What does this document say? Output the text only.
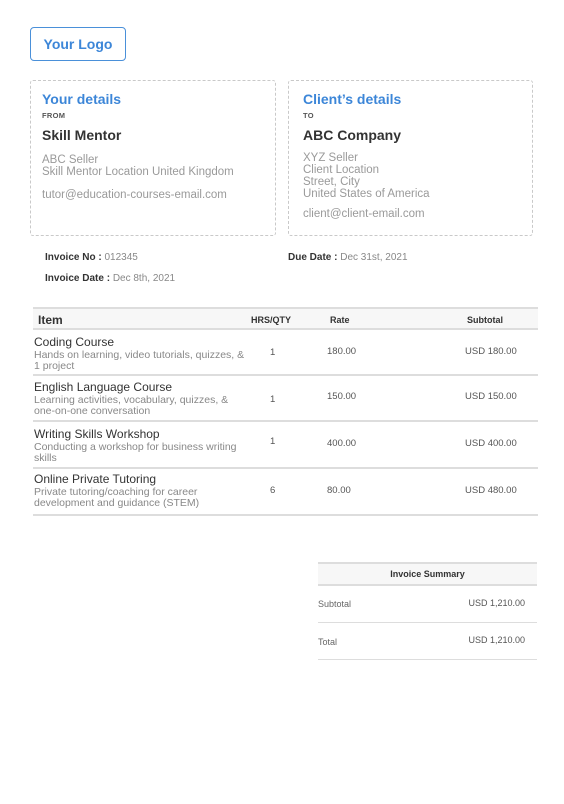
Your Logo
Your details
FROM
Skill Mentor
ABC Seller
Skill Mentor Location United Kingdom
tutor@education-courses-email.com
Client’s details
TO
ABC Company
XYZ Seller
Client Location
Street, City
United States of America
client@client-email.com
Invoice No : 012345	Due Date : Dec 31st, 2021
Invoice Date : Dec 8th, 2021
Item	HRS/QTY	Rate	Subtotal
Coding Course
Hands on learning, video tutorials, quizzes, & 1 project
1	180.00	USD 180.00
English Language Course
Learning activities, vocabulary, quizzes, & one-on-one conversation
1	150.00	USD 150.00
Writing Skills Workshop
Conducting a workshop for business writing skills
1	400.00	USD 400.00
Online Private Tutoring
Private tutoring/coaching for career development and guidance (STEM)
6	80.00	USD 480.00
Invoice Summary
Subtotal	USD 1,210.00
Total	USD 1,210.00
